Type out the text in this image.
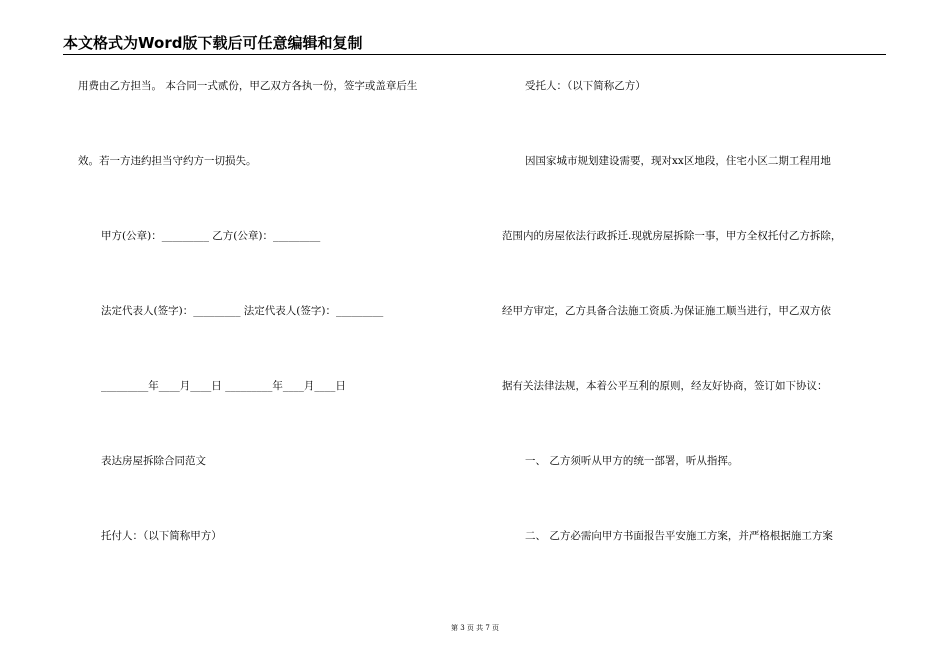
本文格式为Word版下载后可任意编辑和复制
用费由乙方担当。 本合同一式贰份，甲乙双方各执一份，签字或盖章后生
效。若一方违约担当守约方一切损失。
甲方(公章)：_________ 乙方(公章)：_________
法定代表人(签字)：_________ 法定代表人(签字)：_________
_________年____月____日 _________年____月____日
表达房屋拆除合同范文
托付人：（以下简称甲方）
受托人：（以下简称乙方）
因国家城市规划建设需要，现对xx区地段，住宅小区二期工程用地
范围内的房屋依法行政拆迁.现就房屋拆除一事，甲方全权托付乙方拆除，
经甲方审定，乙方具备合法施工资质.为保证施工顺当进行，甲乙双方依
据有关法律法规，本着公平互利的原则，经友好协商，签订如下协议：
一、 乙方须听从甲方的统一部署，听从指挥。
二、 乙方必需向甲方书面报告平安施工方案，并严格根据施工方案
第 3 页 共 7 页
